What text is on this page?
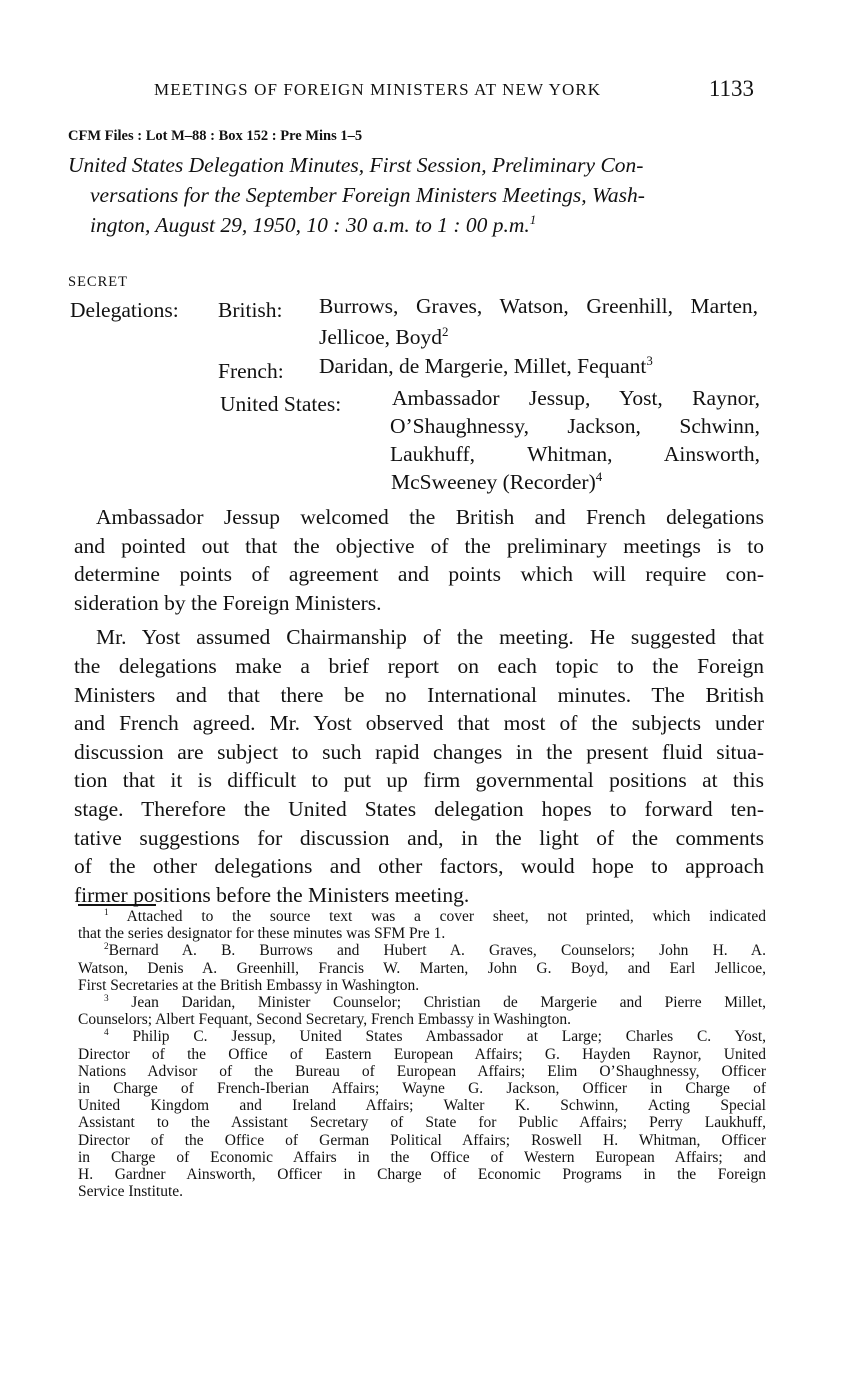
MEETINGS OF FOREIGN MINISTERS AT NEW YORK	1133
CFM Files : Lot M–88 : Box 152 : Pre Mins 1–5
United States Delegation Minutes, First Session, Preliminary Con-
versations for the September Foreign Ministers Meetings, Wash-
ington, August 29, 1950, 10 : 30 a.m. to 1 : 00 p.m.$^1$
SECRET
Delegations: British: Burrows, Graves, Watson, Greenhill, Marten,
Jellicoe, Boyd$^2$
French: Daridan, de Margerie, Millet, Fequant$^3$
United States: Ambassador Jessup, Yost, Raynor,
O’Shaughnessy, Jackson, Schwinn,
Laukhuff, Whitman, Ainsworth,
McSweeney (Recorder)$^4$
Ambassador Jessup welcomed the British and French delegations
and pointed out that the objective of the preliminary meetings is to
determine points of agreement and points which will require con-
sideration by the Foreign Ministers.
Mr. Yost assumed Chairmanship of the meeting. He suggested that
the delegations make a brief report on each topic to the Foreign
Ministers and that there be no International minutes. The British
and French agreed. Mr. Yost observed that most of the subjects under
discussion are subject to such rapid changes in the present fluid situa-
tion that it is difficult to put up firm governmental positions at this
stage. Therefore the United States delegation hopes to forward ten-
tative suggestions for discussion and, in the light of the comments
of the other delegations and other factors, would hope to approach
firmer positions before the Ministers meeting.
$^1$ Attached to the source text was a cover sheet, not printed, which indicated
that the series designator for these minutes was SFM Pre 1.
$^2$Bernard A. B. Burrows and Hubert A. Graves, Counselors; John H. A.
Watson, Denis A. Greenhill, Francis W. Marten, John G. Boyd, and Earl Jellicoe,
First Secretaries at the British Embassy in Washington.
$^3$ Jean Daridan, Minister Counselor; Christian de Margerie and Pierre Millet,
Counselors; Albert Fequant, Second Secretary, French Embassy in Washington.
$^4$ Philip C. Jessup, United States Ambassador at Large; Charles C. Yost,
Director of the Office of Eastern European Affairs; G. Hayden Raynor, United
Nations Advisor of the Bureau of European Affairs; Elim O’Shaughnessy, Officer
in Charge of French-Iberian Affairs; Wayne G. Jackson, Officer in Charge of
United Kingdom and Ireland Affairs; Walter K. Schwinn, Acting Special
Assistant to the Assistant Secretary of State for Public Affairs; Perry Laukhuff,
Director of the Office of German Political Affairs; Roswell H. Whitman, Officer
in Charge of Economic Affairs in the Office of Western European Affairs; and
H. Gardner Ainsworth, Officer in Charge of Economic Programs in the Foreign
Service Institute.
